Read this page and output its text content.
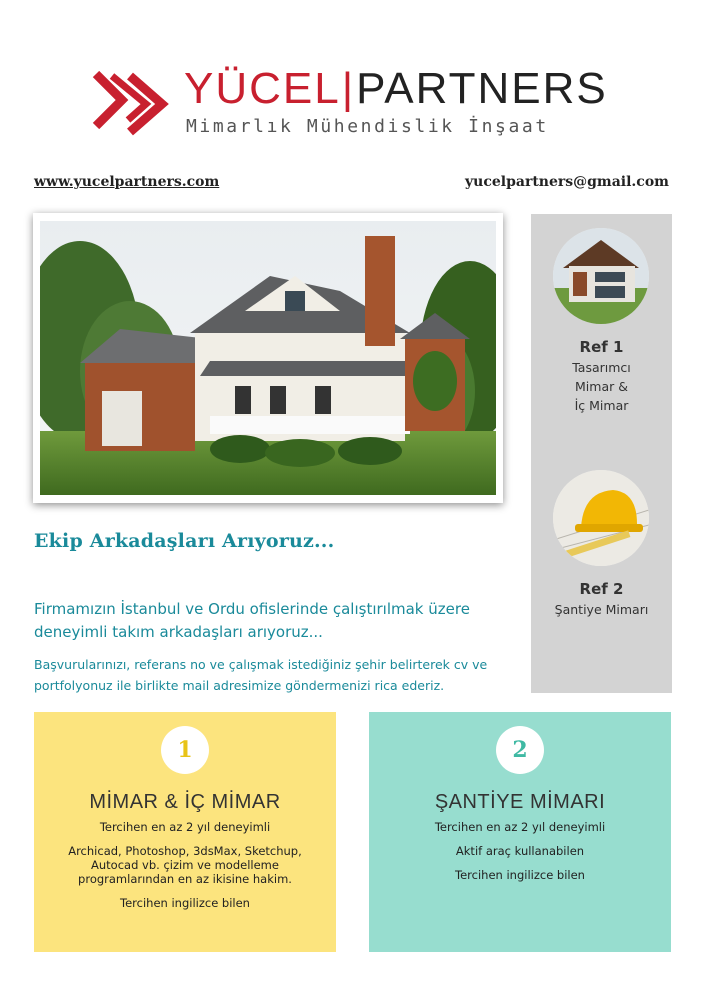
YÜCEL|PARTNERS
Mimarlık Mühendislik İnşaat
www.yucelpartners.com	yucelpartners@gmail.com
Ref 1
Tasarımcı
Mimar &
İç Mimar
Ref 2
Şantiye Mimarı
Ekip Arkadaşları Arıyoruz...
Firmamızın İstanbul ve Ordu ofislerinde çalıştırılmak üzere deneyimli takım arkadaşları arıyoruz...
Başvurularınızı, referans no ve çalışmak istediğiniz şehir belirterek cv ve portfolyonuz ile birlikte mail adresimize göndermenizi rica ederiz.
1
MİMAR & İÇ MİMAR
Tercihen en az 2 yıl deneyimli
Archicad, Photoshop, 3dsMax, Sketchup, Autocad vb. çizim ve modelleme programlarından en az ikisine hakim.
Tercihen ingilizce bilen
2
ŞANTİYE MİMARI
Tercihen en az 2 yıl deneyimli
Aktif araç kullanabilen
Tercihen ingilizce bilen
